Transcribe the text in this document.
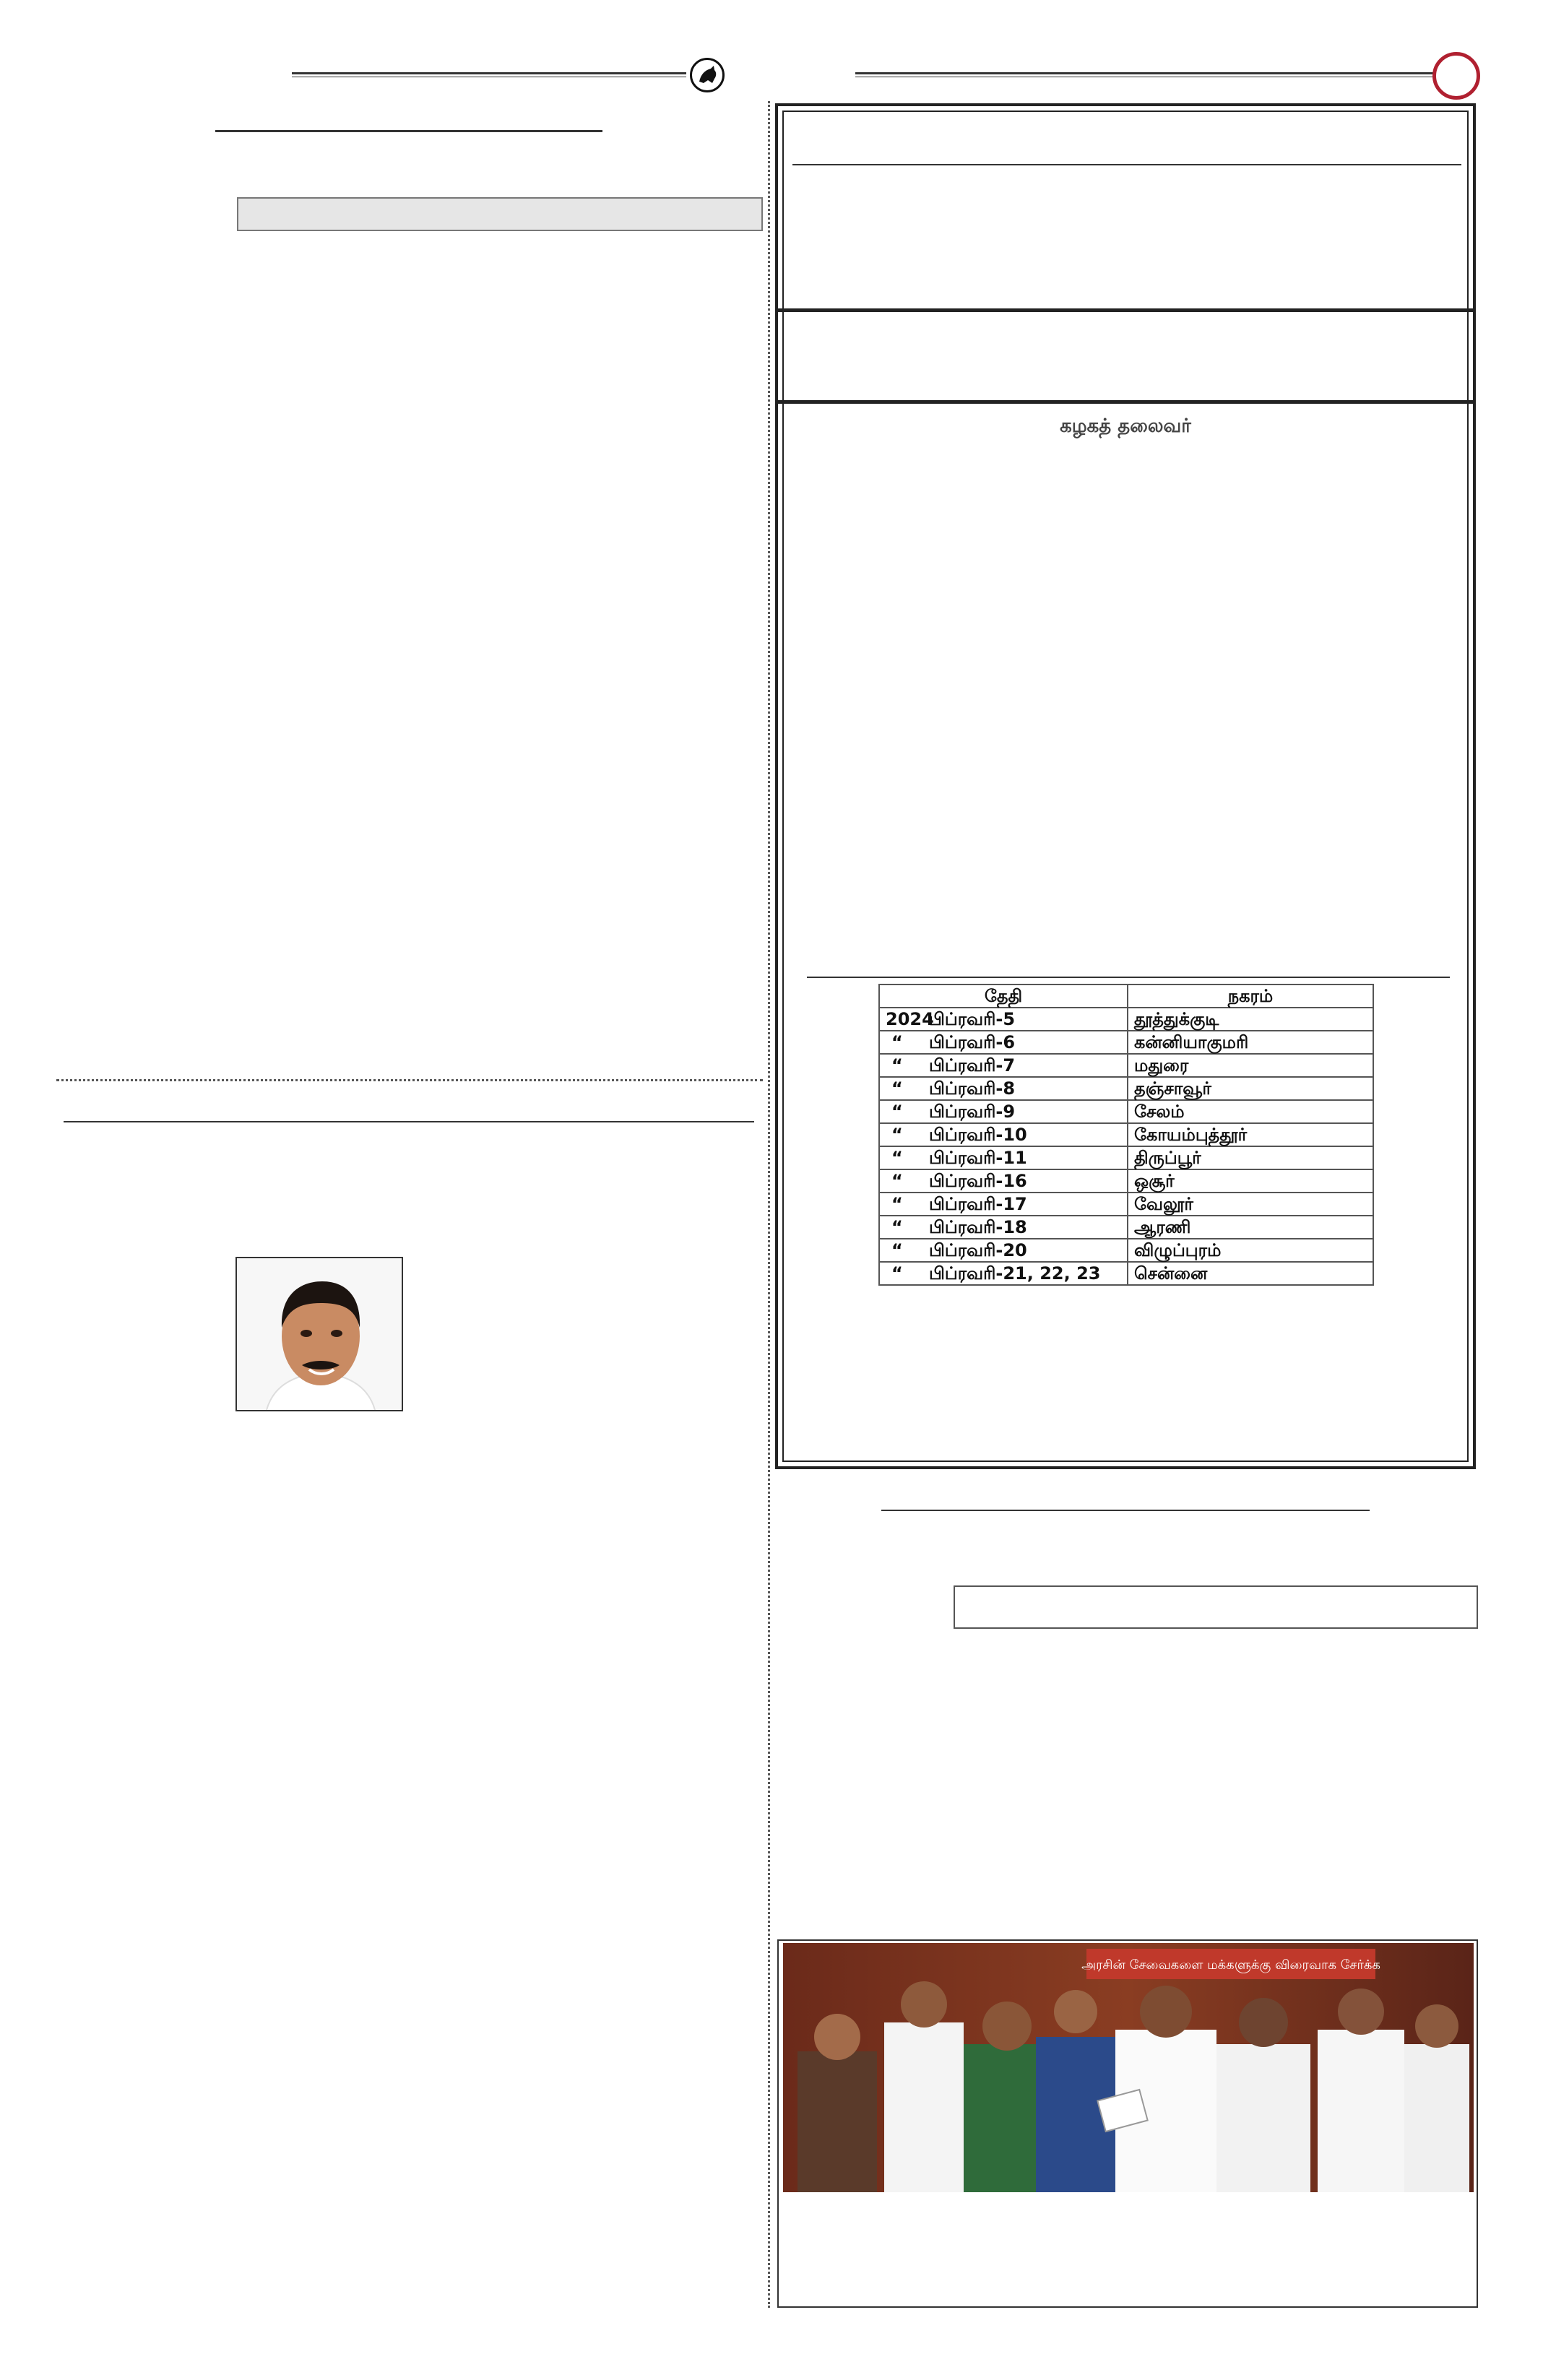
கழகத் தலைவர்
தேதி	நகரம்
2024பிப்ரவரி-5	தூத்துக்குடி
“ பிப்ரவரி-6	கன்னியாகுமரி
“ பிப்ரவரி-7	மதுரை
“ பிப்ரவரி-8	தஞ்சாவூர்
“ பிப்ரவரி-9	சேலம்
“ பிப்ரவரி-10	கோயம்புத்தூர்
“ பிப்ரவரி-11	திருப்பூர்
“ பிப்ரவரி-16	ஒசூர்
“ பிப்ரவரி-17	வேலூர்
“ பிப்ரவரி-18	ஆரணி
“ பிப்ரவரி-20	விழுப்புரம்
“ பிப்ரவரி-21, 22, 23	சென்னை
அரசின் சேவைகளை மக்களுக்கு விரைவாக சேர்க்க
